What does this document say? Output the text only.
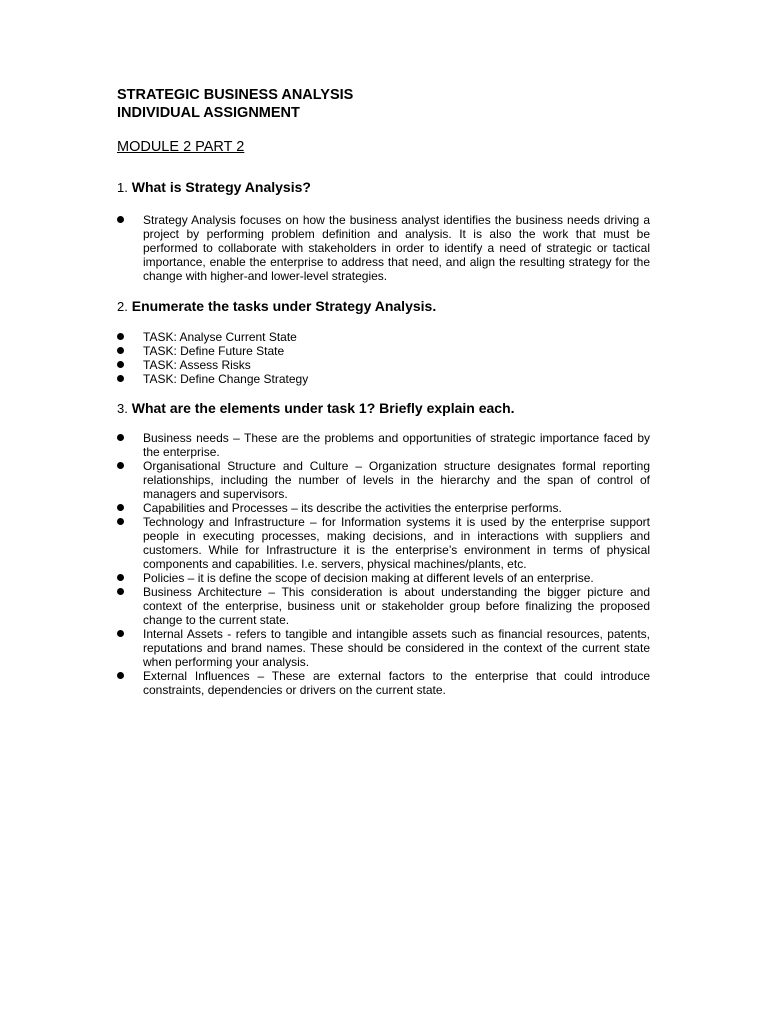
STRATEGIC BUSINESS ANALYSIS

INDIVIDUAL ASSIGNMENT

MODULE 2 PART 2

1. What is Strategy Analysis?

Strategy Analysis focuses on how the business analyst identifies the business needs driving a project by performing problem definition and analysis. It is also the work that must be performed to collaborate with stakeholders in order to identify a need of strategic or tactical importance, enable the enterprise to address that need, and align the resulting strategy for the change with higher-and lower-level strategies.

2. Enumerate the tasks under Strategy Analysis.

TASK: Analyse Current State
TASK: Define Future State
TASK: Assess Risks
TASK: Define Change Strategy

3. What are the elements under task 1? Briefly explain each.

Business needs – These are the problems and opportunities of strategic importance faced by the enterprise.
Organisational Structure and Culture – Organization structure designates formal reporting relationships, including the number of levels in the hierarchy and the span of control of managers and supervisors.
Capabilities and Processes – its describe the activities the enterprise performs.
Technology and Infrastructure – for Information systems it is used by the enterprise support people in executing processes, making decisions, and in interactions with suppliers and customers. While for Infrastructure it is the enterprise’s environment in terms of physical components and capabilities. I.e. servers, physical machines/plants, etc.
Policies – it is define the scope of decision making at different levels of an enterprise.
Business Architecture – This consideration is about understanding the bigger picture and context of the enterprise, business unit or stakeholder group before finalizing the proposed change to the current state.
Internal Assets - refers to tangible and intangible assets such as financial resources, patents, reputations and brand names. These should be considered in the context of the current state when performing your analysis.
External Influences – These are external factors to the enterprise that could introduce constraints, dependencies or drivers on the current state.
